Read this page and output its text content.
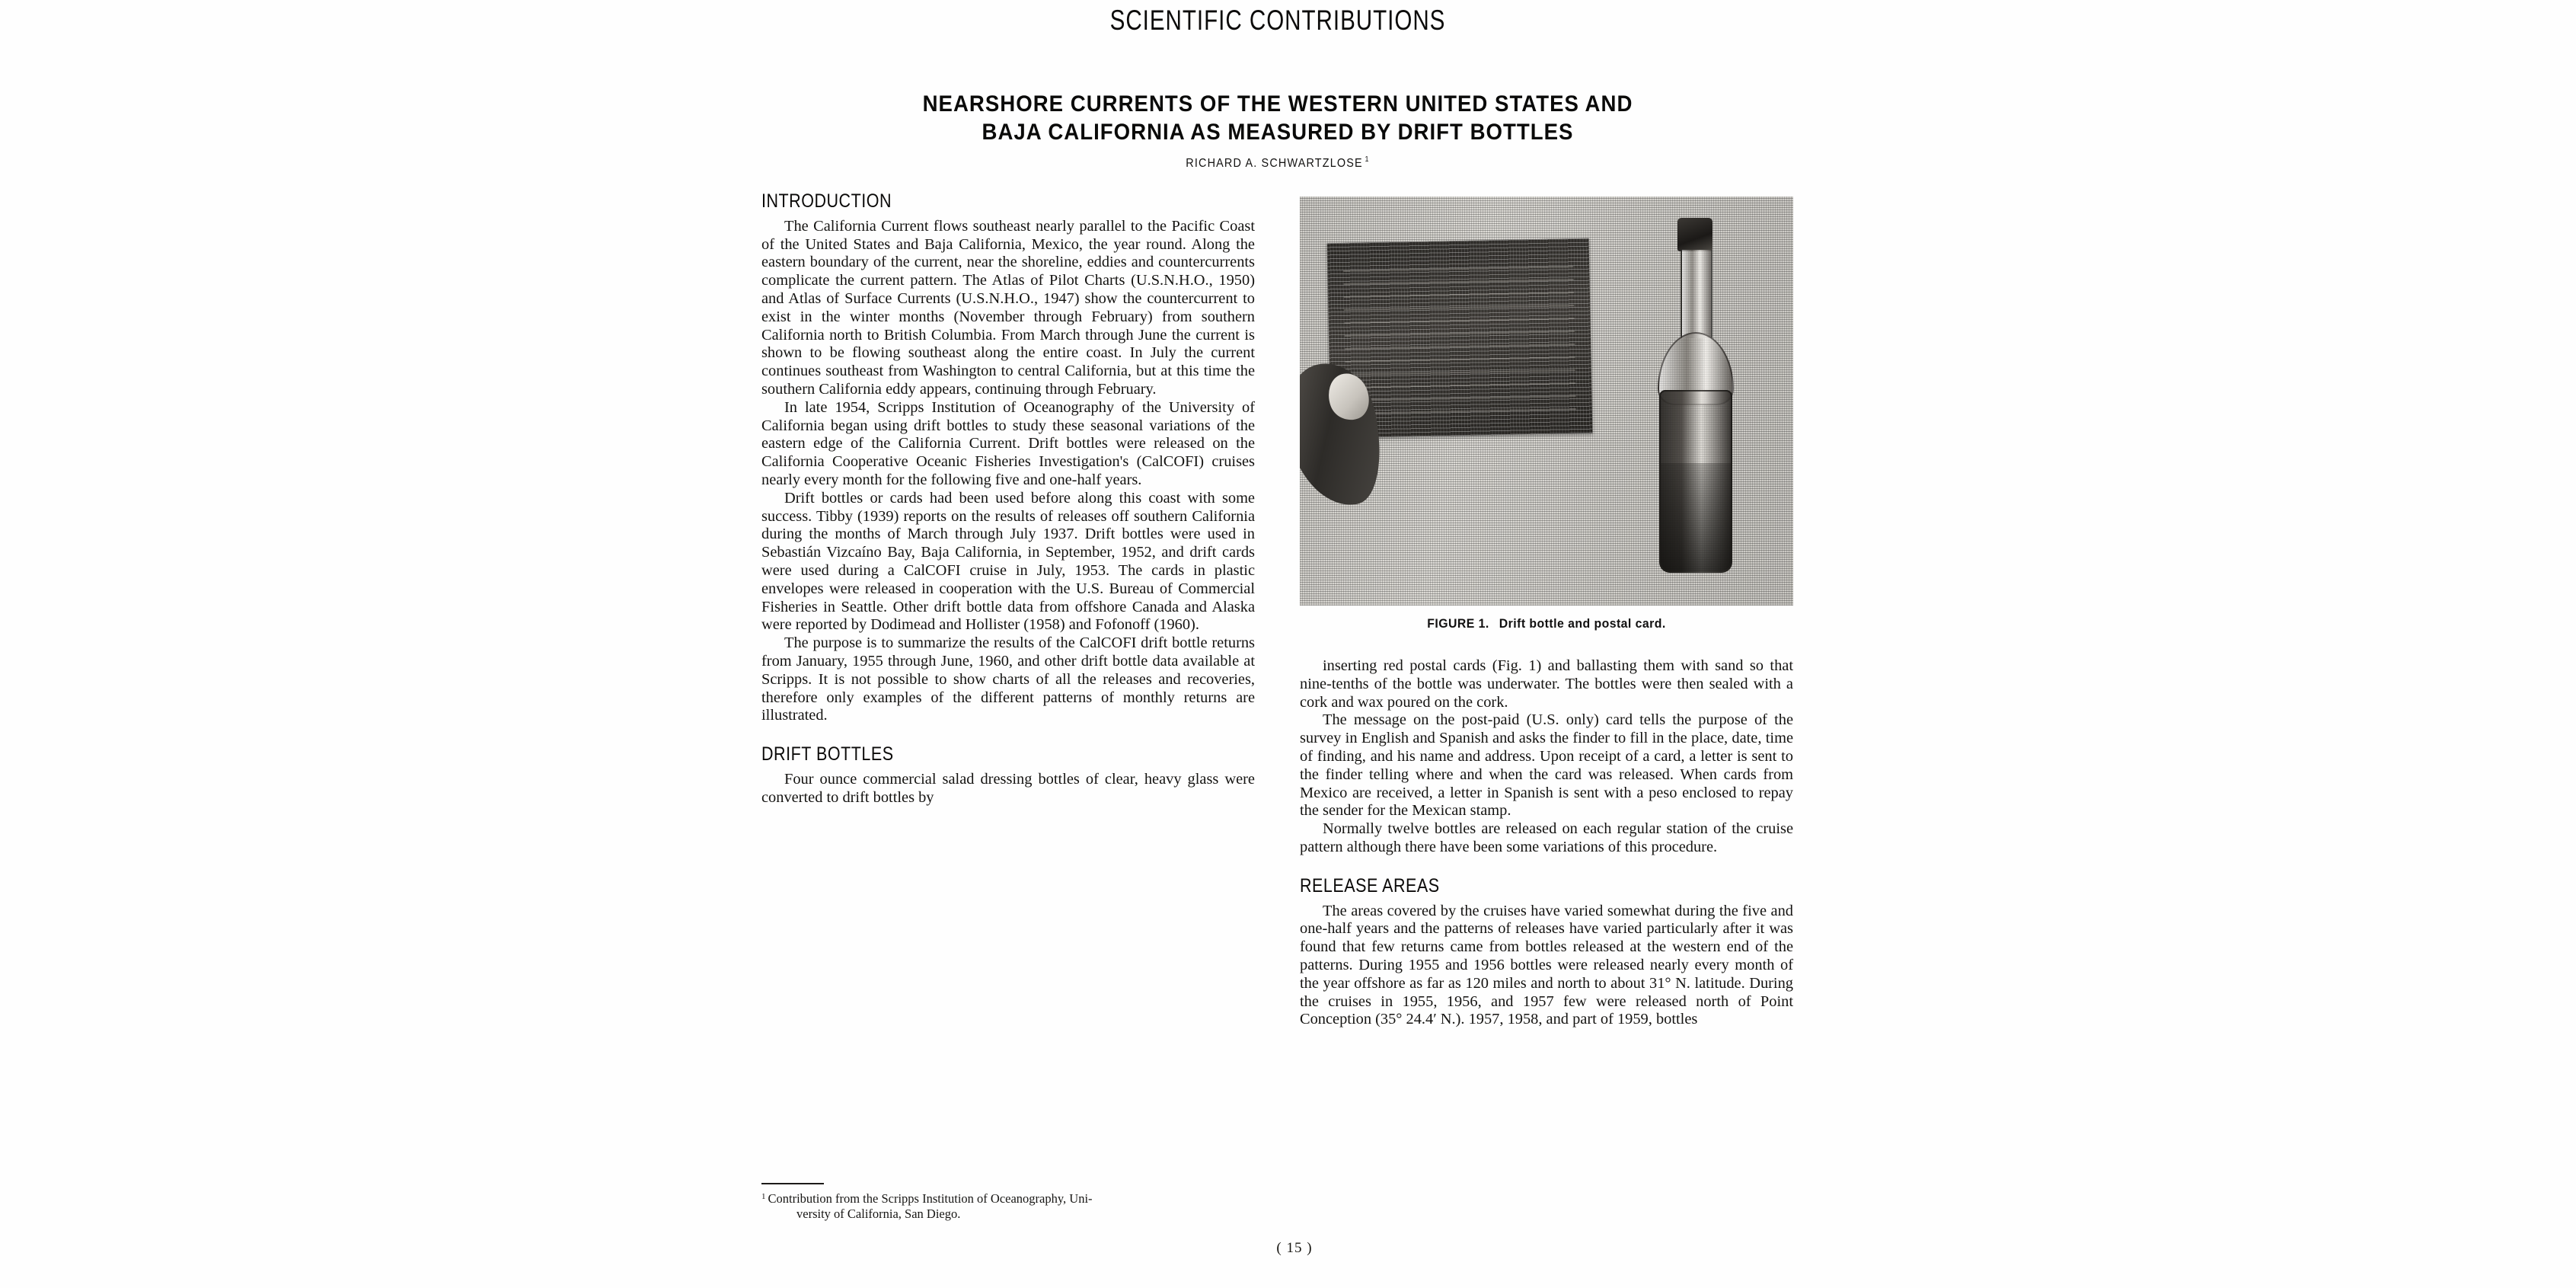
SCIENTIFIC CONTRIBUTIONS
NEARSHORE CURRENTS OF THE WESTERN UNITED STATES AND
BAJA CALIFORNIA AS MEASURED BY DRIFT BOTTLES
RICHARD A. SCHWARTZLOSE $^1$
INTRODUCTION

The California Current flows southeast nearly parallel to the Pacific Coast of the United States and Baja California, Mexico, the year round. Along the eastern boundary of the current, near the shoreline, eddies and countercurrents complicate the current pattern. The Atlas of Pilot Charts (U.S.N.H.O., 1950) and Atlas of Surface Currents (U.S.N.H.O., 1947) show the countercurrent to exist in the winter months (November through February) from southern California north to British Columbia. From March through June the current is shown to be flowing southeast along the entire coast. In July the current continues southeast from Washington to central California, but at this time the southern California eddy appears, continuing through February.

In late 1954, Scripps Institution of Oceanography of the University of California began using drift bottles to study these seasonal variations of the eastern edge of the California Current. Drift bottles were released on the California Cooperative Oceanic Fisheries Investigation's (CalCOFI) cruises nearly every month for the following five and one-half years.

Drift bottles or cards had been used before along this coast with some success. Tibby (1939) reports on the results of releases off southern California during the months of March through July 1937. Drift bottles were used in Sebastián Vizcaíno Bay, Baja California, in September, 1952, and drift cards were used during a CalCOFI cruise in July, 1953. The cards in plastic envelopes were released in cooperation with the U.S. Bureau of Commercial Fisheries in Seattle. Other drift bottle data from offshore Canada and Alaska were reported by Dodimead and Hollister (1958) and Fofonoff (1960).

The purpose is to summarize the results of the CalCOFI drift bottle returns from January, 1955 through June, 1960, and other drift bottle data available at Scripps. It is not possible to show charts of all the releases and recoveries, therefore only examples of the different patterns of monthly returns are illustrated.

DRIFT BOTTLES

Four ounce commercial salad dressing bottles of clear, heavy glass were converted to drift bottles by

FIGURE 1. Drift bottle and postal card.

inserting red postal cards (Fig. 1) and ballasting them with sand so that nine-tenths of the bottle was underwater. The bottles were then sealed with a cork and wax poured on the cork.

The message on the post-paid (U.S. only) card tells the purpose of the survey in English and Spanish and asks the finder to fill in the place, date, time of finding, and his name and address. Upon receipt of a card, a letter is sent to the finder telling where and when the card was released. When cards from Mexico are received, a letter in Spanish is sent with a peso enclosed to repay the sender for the Mexican stamp.

Normally twelve bottles are released on each regular station of the cruise pattern although there have been some variations of this procedure.

RELEASE AREAS

The areas covered by the cruises have varied somewhat during the five and one-half years and the patterns of releases have varied particularly after it was found that few returns came from bottles released at the western end of the patterns. During 1955 and 1956 bottles were released nearly every month of the year offshore as far as 120 miles and north to about 31° N. latitude. During the cruises in 1955, 1956, and 1957 few were released north of Point Conception (35° 24.4′ N.). 1957, 1958, and part of 1959, bottles

$^1$ Contribution from the Scripps Institution of Oceanography, Uni-
versity of California, San Diego.
( 15 )
